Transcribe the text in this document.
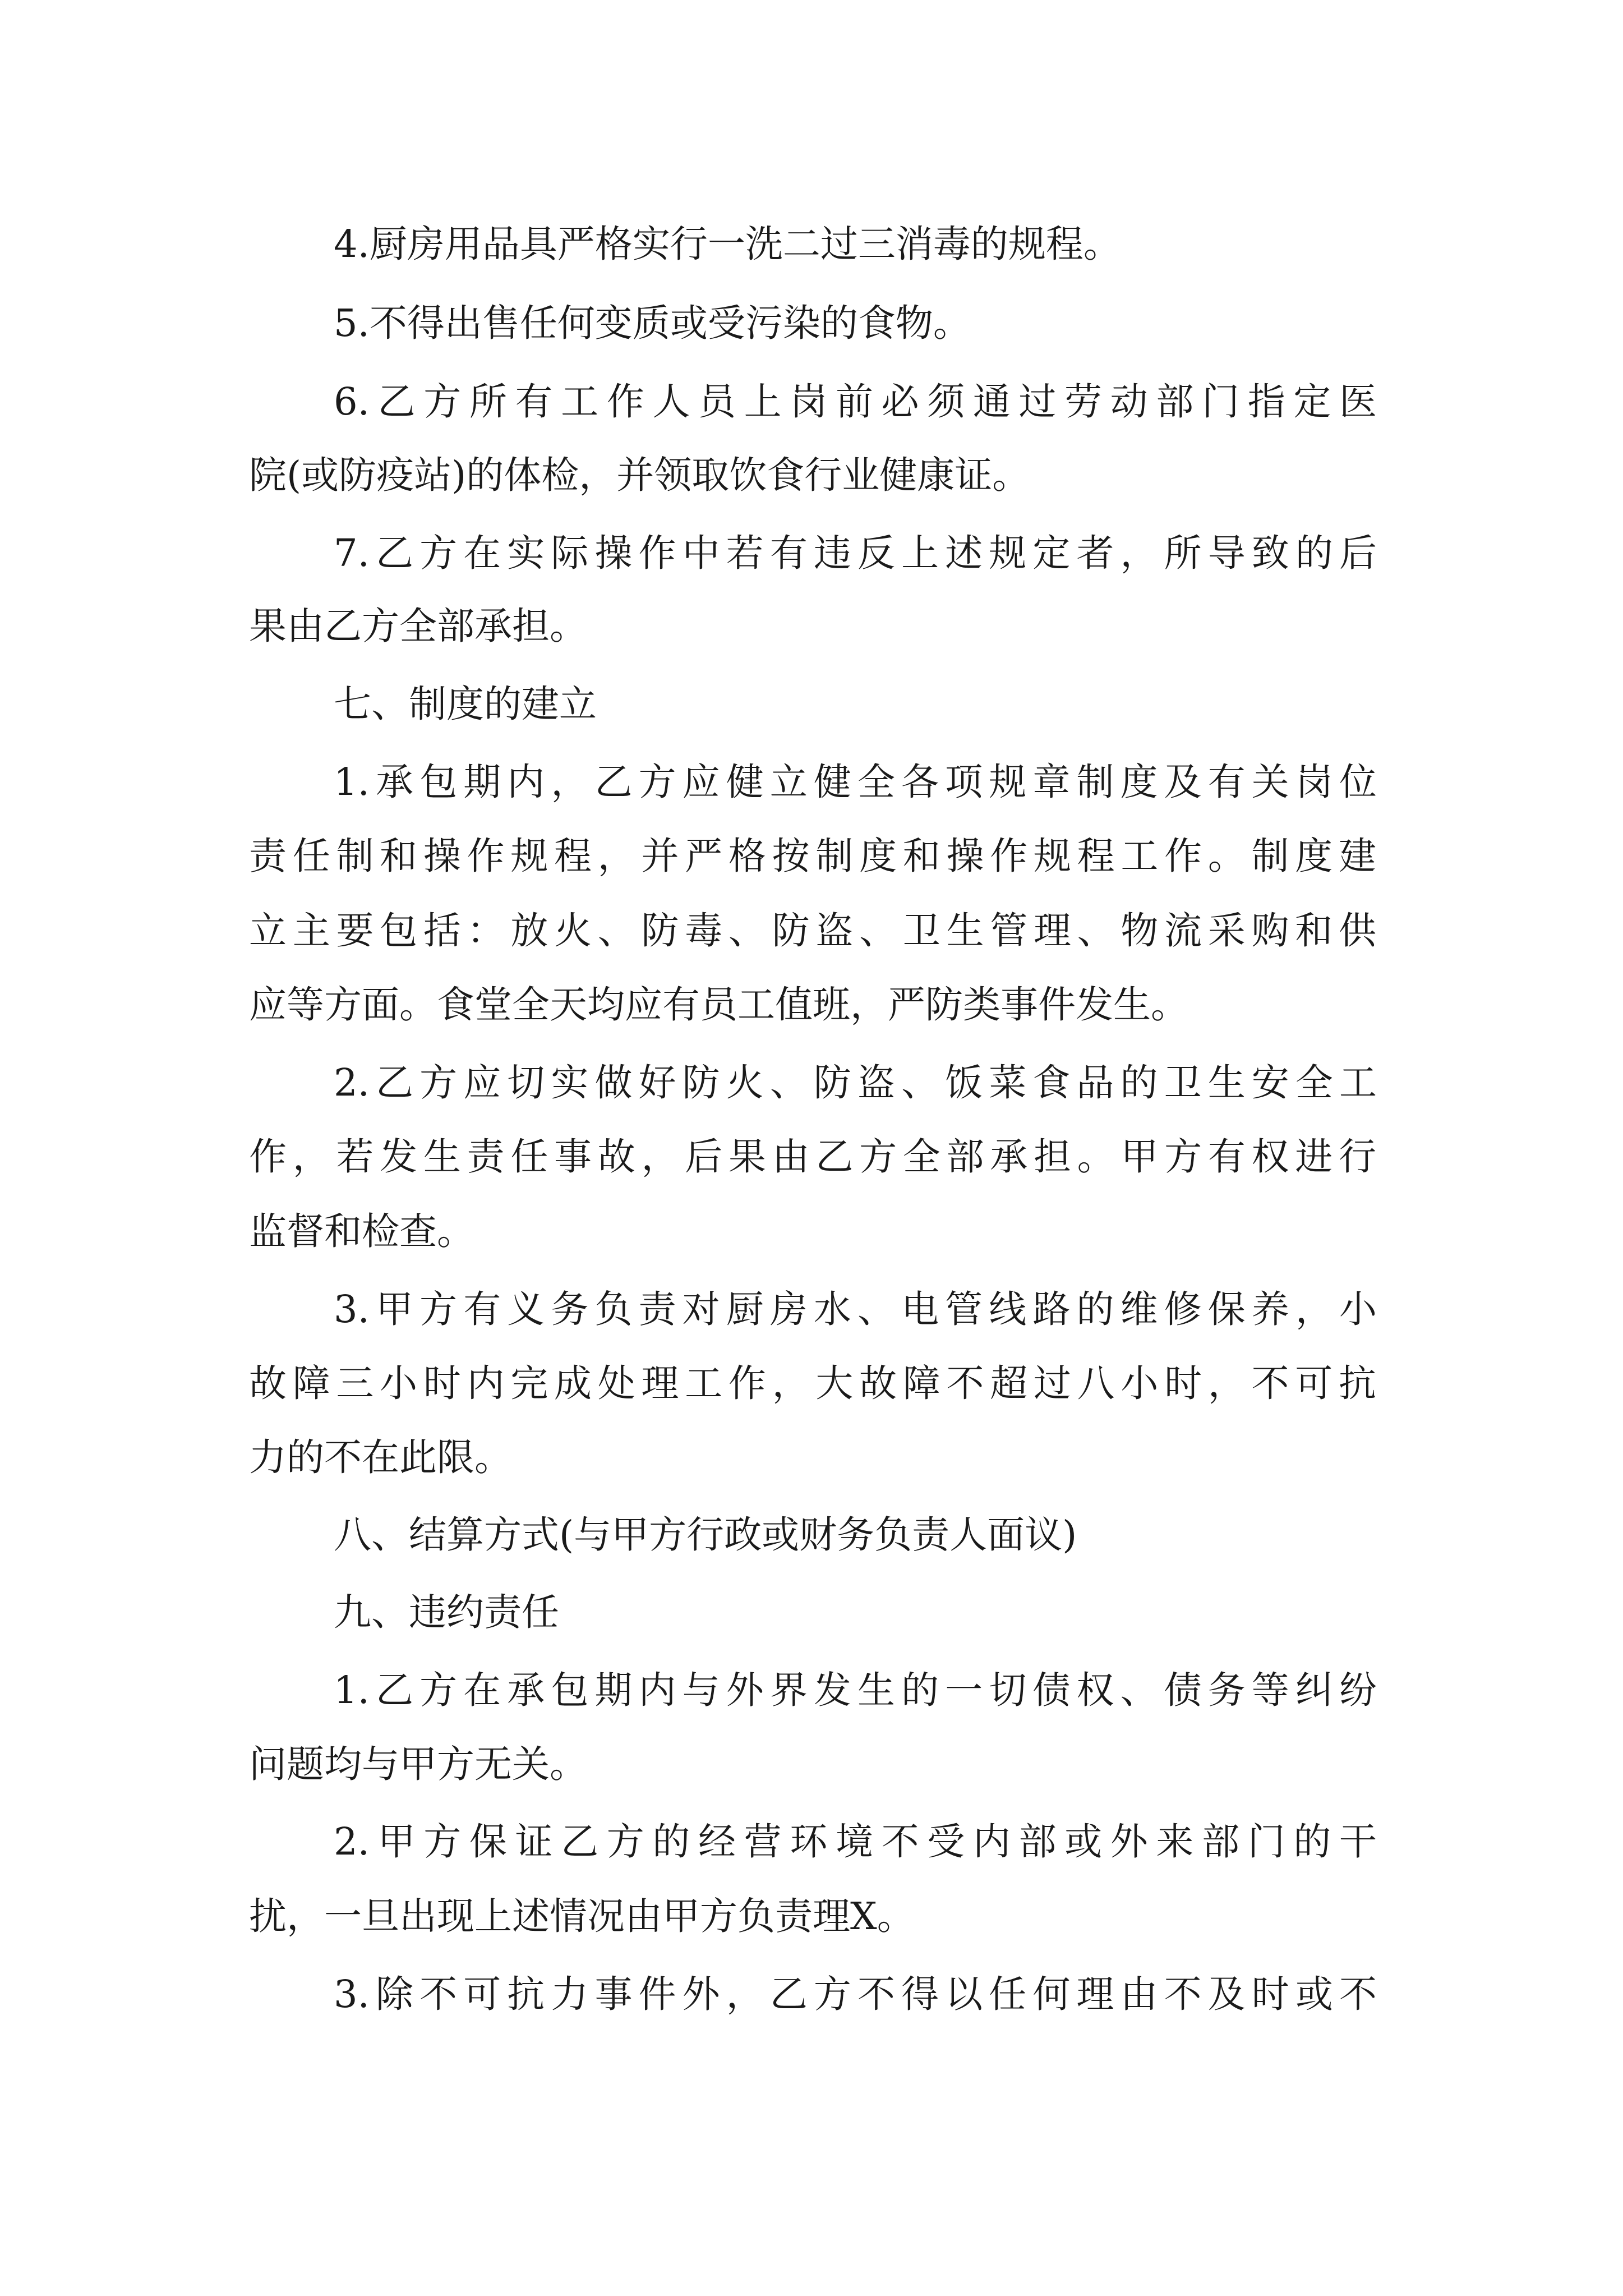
4.厨房用品具严格实行一洗二过三消毒的规程。
5.不得出售任何变质或受污染的食物。
6.乙方所有工作人员上岗前必须通过劳动部门指定医
院(或防疫站)的体检，并领取饮食行业健康证。
7.乙方在实际操作中若有违反上述规定者，所导致的后
果由乙方全部承担。
七、制度的建立
1.承包期内，乙方应健立健全各项规章制度及有关岗位
责任制和操作规程，并严格按制度和操作规程工作。制度建
立主要包括：放火、防毒、防盗、卫生管理、物流采购和供
应等方面。食堂全天均应有员工值班，严防类事件发生。
2.乙方应切实做好防火、防盗、饭菜食品的卫生安全工
作，若发生责任事故，后果由乙方全部承担。甲方有权进行
监督和检查。
3.甲方有义务负责对厨房水、电管线路的维修保养，小
故障三小时内完成处理工作，大故障不超过八小时，不可抗
力的不在此限。
八、结算方式(与甲方行政或财务负责人面议)
九、违约责任
1.乙方在承包期内与外界发生的一切债权、债务等纠纷
问题均与甲方无关。
2.甲方保证乙方的经营环境不受内部或外来部门的干
扰，一旦出现上述情况由甲方负责理X。
3.除不可抗力事件外，乙方不得以任何理由不及时或不
